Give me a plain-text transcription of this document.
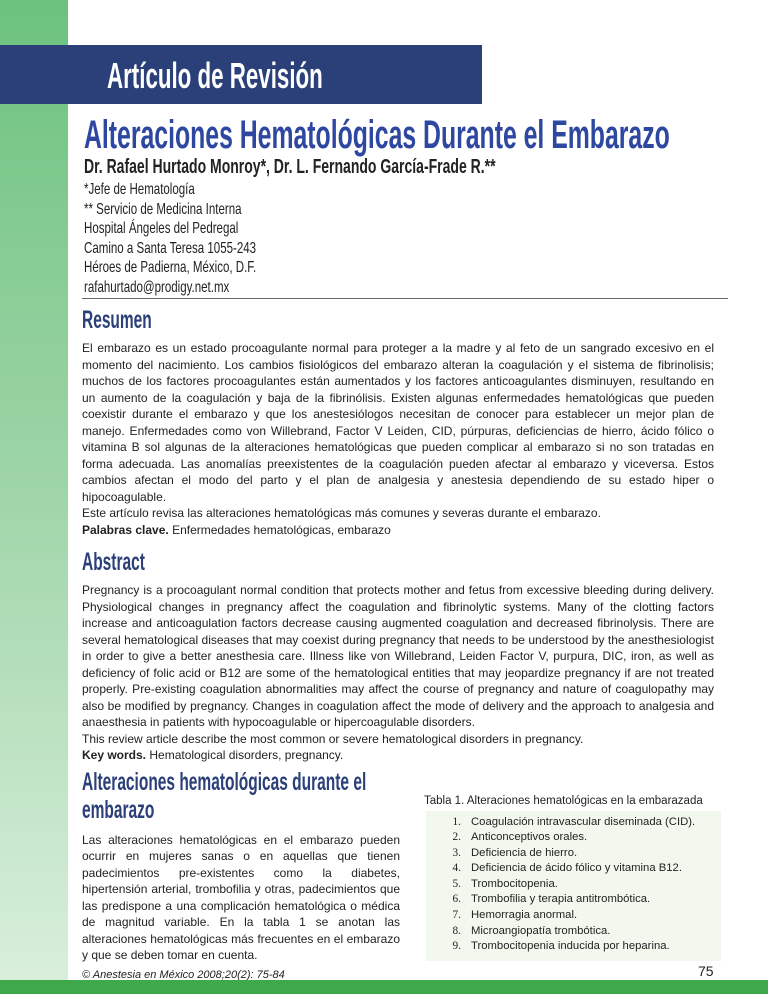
Artículo de Revisión
Alteraciones Hematológicas Durante el Embarazo
Dr. Rafael Hurtado Monroy*, Dr. L. Fernando García-Frade R.**
*Jefe de Hematología
** Servicio de Medicina Interna
Hospital Ángeles del Pedregal
Camino a Santa Teresa 1055-243
Héroes de Padierna, México, D.F.
rafahurtado@prodigy.net.mx
Resumen

El embarazo es un estado procoagulante normal para proteger a la madre y al feto de un sangrado excesivo en el momento del nacimiento. Los cambios fisiológicos del embarazo alteran la coagulación y el sistema de fibrinolisis; muchos de los factores procoagulantes están aumentados y los factores anticoagulantes disminuyen, resultando en un aumento de la coagulación y baja de la fibrinólisis. Existen algunas enfermedades hematológicas que pueden coexistir durante el embarazo y que los anestesiólogos necesitan de conocer para establecer un mejor plan de manejo. Enfermedades como von Willebrand, Factor V Leiden, CID, púrpuras, deficiencias de hierro, ácido fólico o vitamina B sol algunas de la alteraciones hematológicas que pueden complicar al embarazo si no son tratadas en forma adecuada. Las anomalías preexistentes de la coagulación pueden afectar al embarazo y viceversa. Estos cambios afectan el modo del parto y el plan de analgesia y anestesia dependiendo de su estado hiper o hipocoagulable.

Este artículo revisa las alteraciones hematológicas más comunes y severas durante el embarazo.

Palabras clave. Enfermedades hematológicas, embarazo

Abstract

Pregnancy is a procoagulant normal condition that protects mother and fetus from excessive bleeding during delivery. Physiological changes in pregnancy affect the coagulation and fibrinolytic systems. Many of the clotting factors increase and anticoagulation factors decrease causing augmented coagulation and decreased fibrinolysis. There are several hematological diseases that may coexist during pregnancy that needs to be understood by the anesthesiologist in order to give a better anesthesia care. Illness like von Willebrand, Leiden Factor V, purpura, DIC, iron, as well as deficiency of folic acid or B12 are some of the hematological entities that may jeopardize pregnancy if are not treated properly. Pre-existing coagulation abnormalities may affect the course of pregnancy and nature of coagulopathy may also be modified by pregnancy. Changes in coagulation affect the mode of delivery and the approach to analgesia and anaesthesia in patients with hypocoagulable or hipercoagulable disorders.

This review article describe the most common or severe hematological disorders in pregnancy.

Key words. Hematological disorders, pregnancy.

Alteraciones hematológicas durante el
embarazo
Las alteraciones hematológicas en el embarazo pueden ocurrir en mujeres sanas o en aquellas que tienen padecimientos pre-existentes como la diabetes, hipertensión arterial, trombofilia y otras, padecimientos que las predispone a una complicación hematológica o médica de magnitud variable. En la tabla 1 se anotan las alteraciones hematológicas más frecuentes en el embarazo y que se deben tomar en cuenta.
© Anestesia en México 2008;20(2): 75-84
Tabla 1. Alteraciones hematológicas en la embarazada
1. Coagulación intravascular diseminada (CID).
2. Anticonceptivos orales.
3. Deficiencia de hierro.
4. Deficiencia de ácido fólico y vitamina B12.
5. Trombocitopenia.
6. Trombofilia y terapia antitrombótica.
7. Hemorragia anormal.
8. Microangiopatía trombótica.
9. Trombocitopenia inducida por heparina.
75
